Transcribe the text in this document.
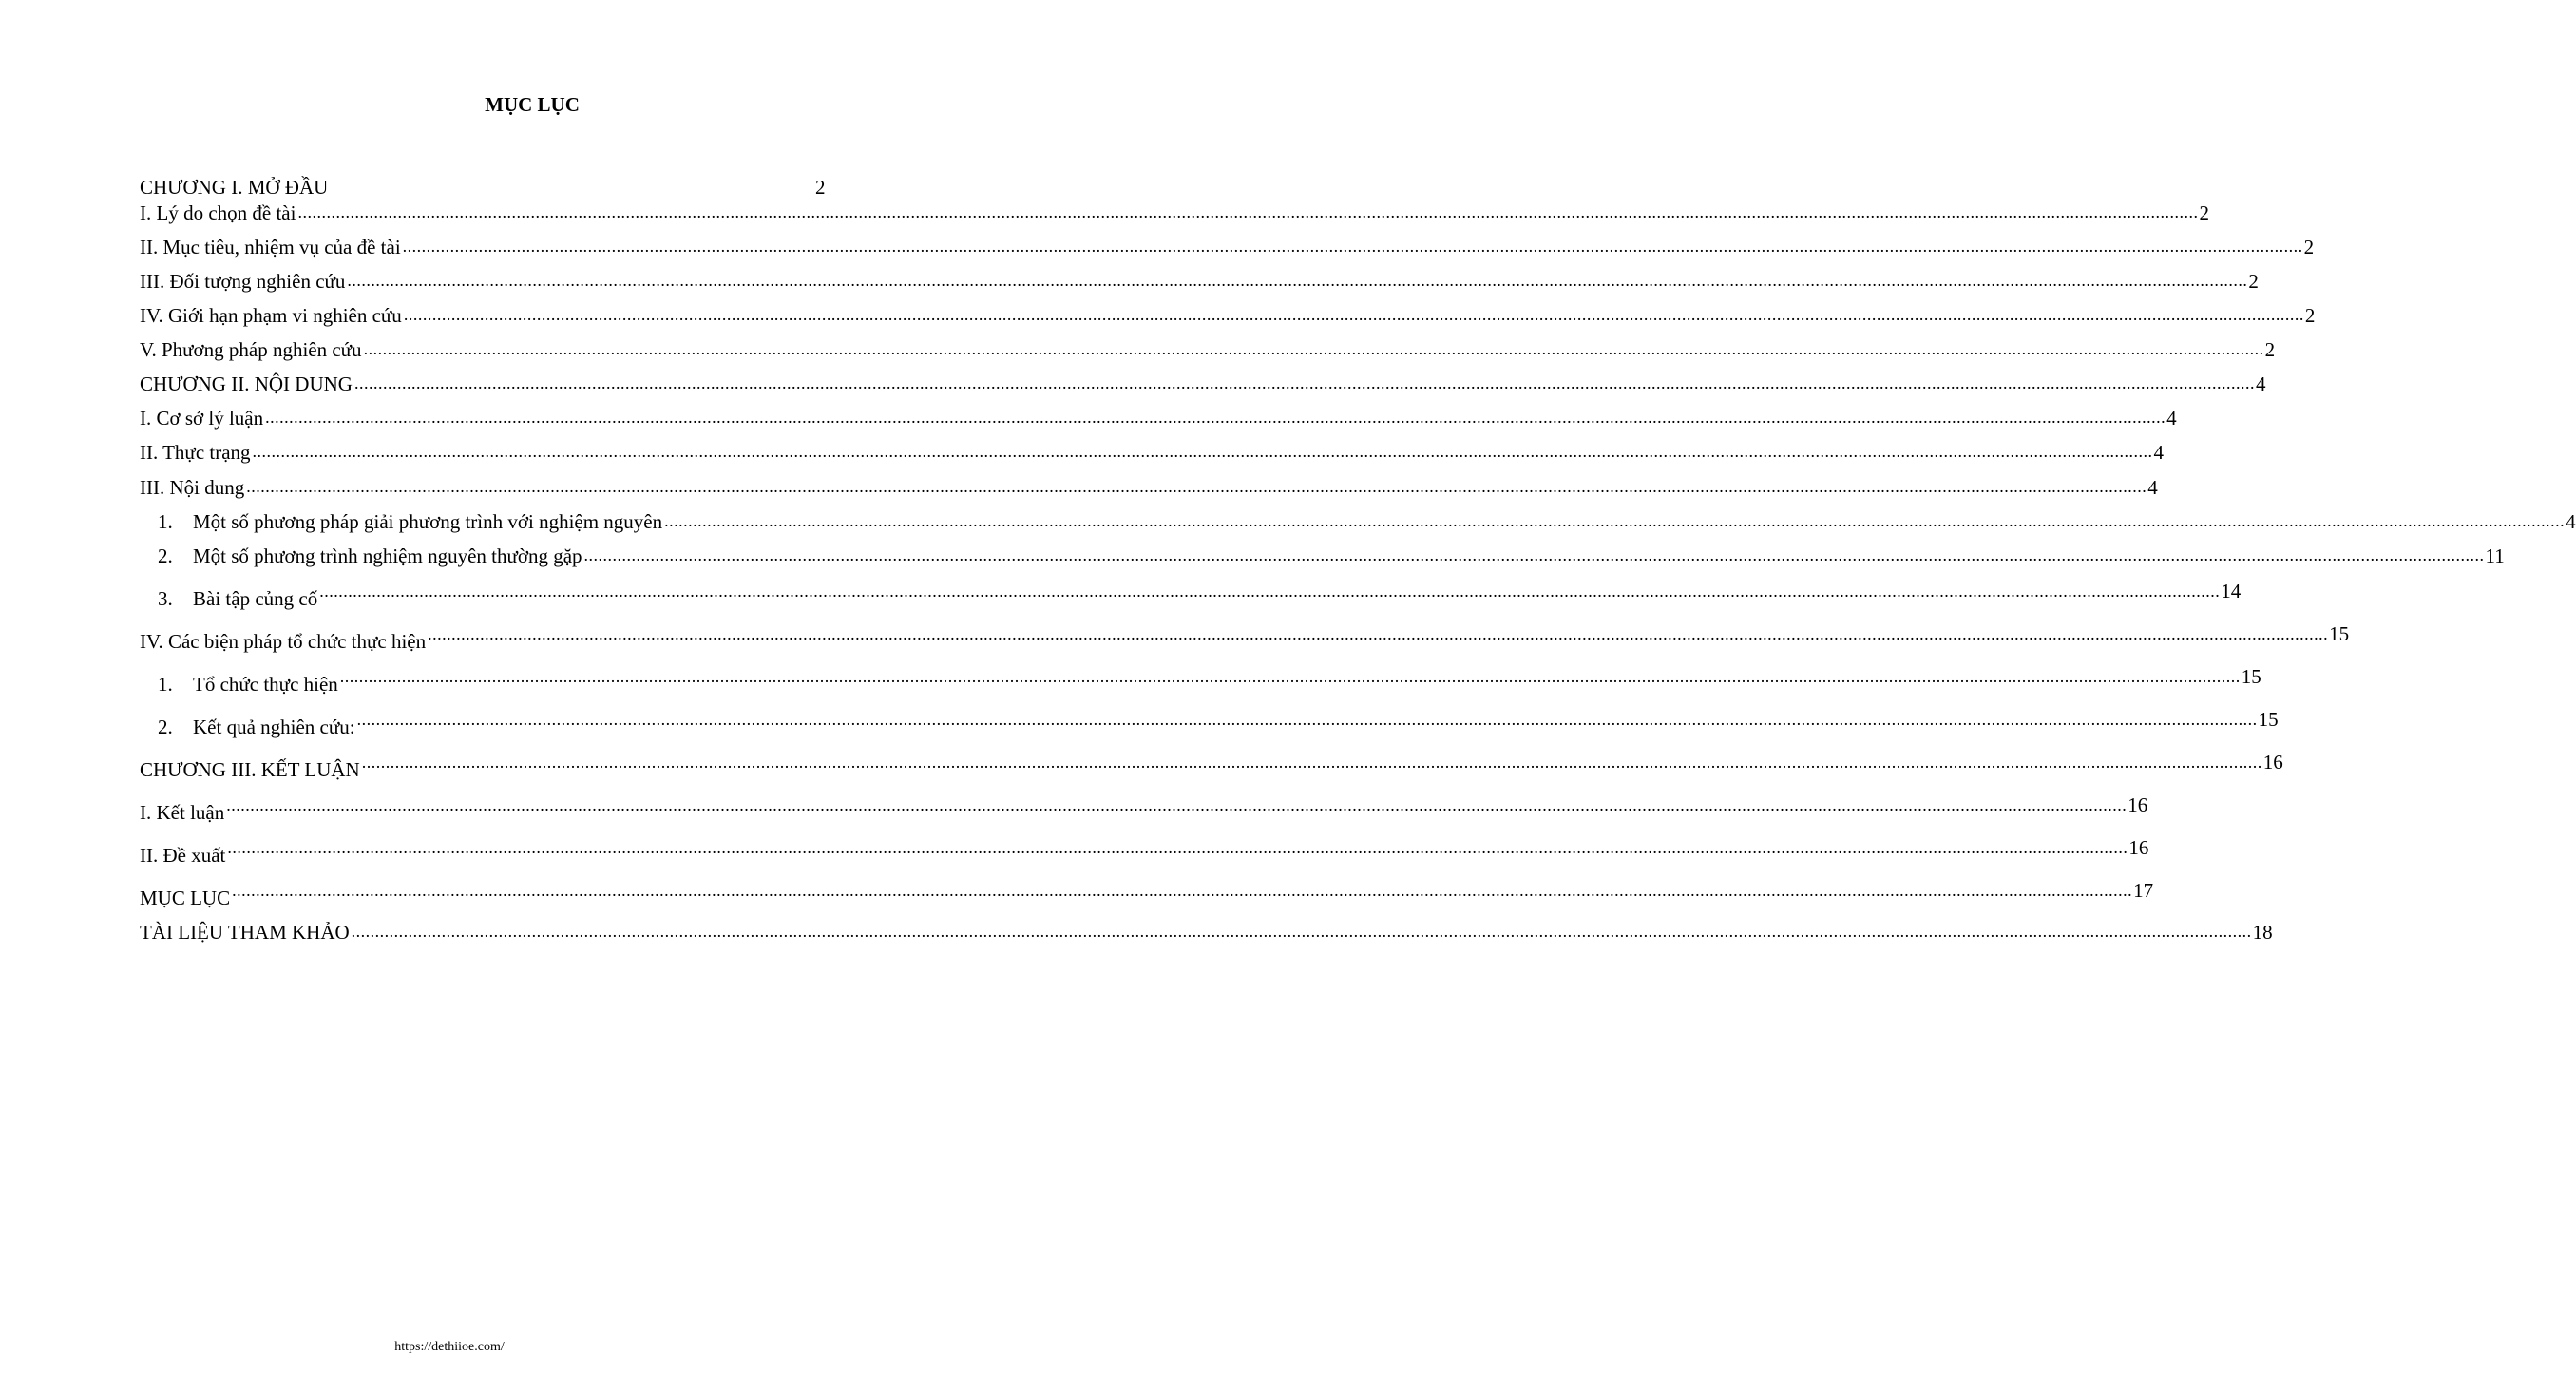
MỤC LỤC
CHƯƠNG I. MỞ ĐẦU	2
I. Lý do chọn đề tài ................................................................................................................................................................................................................................................................................................................................................................................................................ 2
II. Mục tiêu, nhiệm vụ của đề tài ................................................................................................................................................................................................................................................................................................................................................................................................................ 2
III. Đối tượng nghiên cứu ................................................................................................................................................................................................................................................................................................................................................................................................................ 2
IV. Giới hạn phạm vi nghiên cứu ................................................................................................................................................................................................................................................................................................................................................................................................................ 2
V. Phương pháp nghiên cứu ................................................................................................................................................................................................................................................................................................................................................................................................................ 2
CHƯƠNG II. NỘI DUNG ................................................................................................................................................................................................................................................................................................................................................................................................................ 4
I. Cơ sở lý luận ................................................................................................................................................................................................................................................................................................................................................................................................................ 4
II. Thực trạng ................................................................................................................................................................................................................................................................................................................................................................................................................ 4
III. Nội dung ................................................................................................................................................................................................................................................................................................................................................................................................................ 4
1.	Một số phương pháp giải phương trình với nghiệm nguyên ................................................................................................................................................................................................................................................................................................................................................................................................................ 4
2.	Một số phương trình nghiệm nguyên thường gặp ................................................................................................................................................................................................................................................................................................................................................................................................................ 11
3.	Bài tập củng cố ................................................................................................................................................................................................................................................................................................................................................................................................................ 14
IV. Các biện pháp tổ chức thực hiện ................................................................................................................................................................................................................................................................................................................................................................................................................ 15
1.	Tổ chức thực hiện ................................................................................................................................................................................................................................................................................................................................................................................................................ 15
2.	Kết quả nghiên cứu: ................................................................................................................................................................................................................................................................................................................................................................................................................ 15
CHƯƠNG III. KẾT LUẬN ................................................................................................................................................................................................................................................................................................................................................................................................................ 16
I. Kết luận ................................................................................................................................................................................................................................................................................................................................................................................................................ 16
II. Đề xuất ................................................................................................................................................................................................................................................................................................................................................................................................................ 16
MỤC LỤC ................................................................................................................................................................................................................................................................................................................................................................................................................ 17
TÀI LIỆU THAM KHẢO ................................................................................................................................................................................................................................................................................................................................................................................................................ 18
https://dethiioe.com/
